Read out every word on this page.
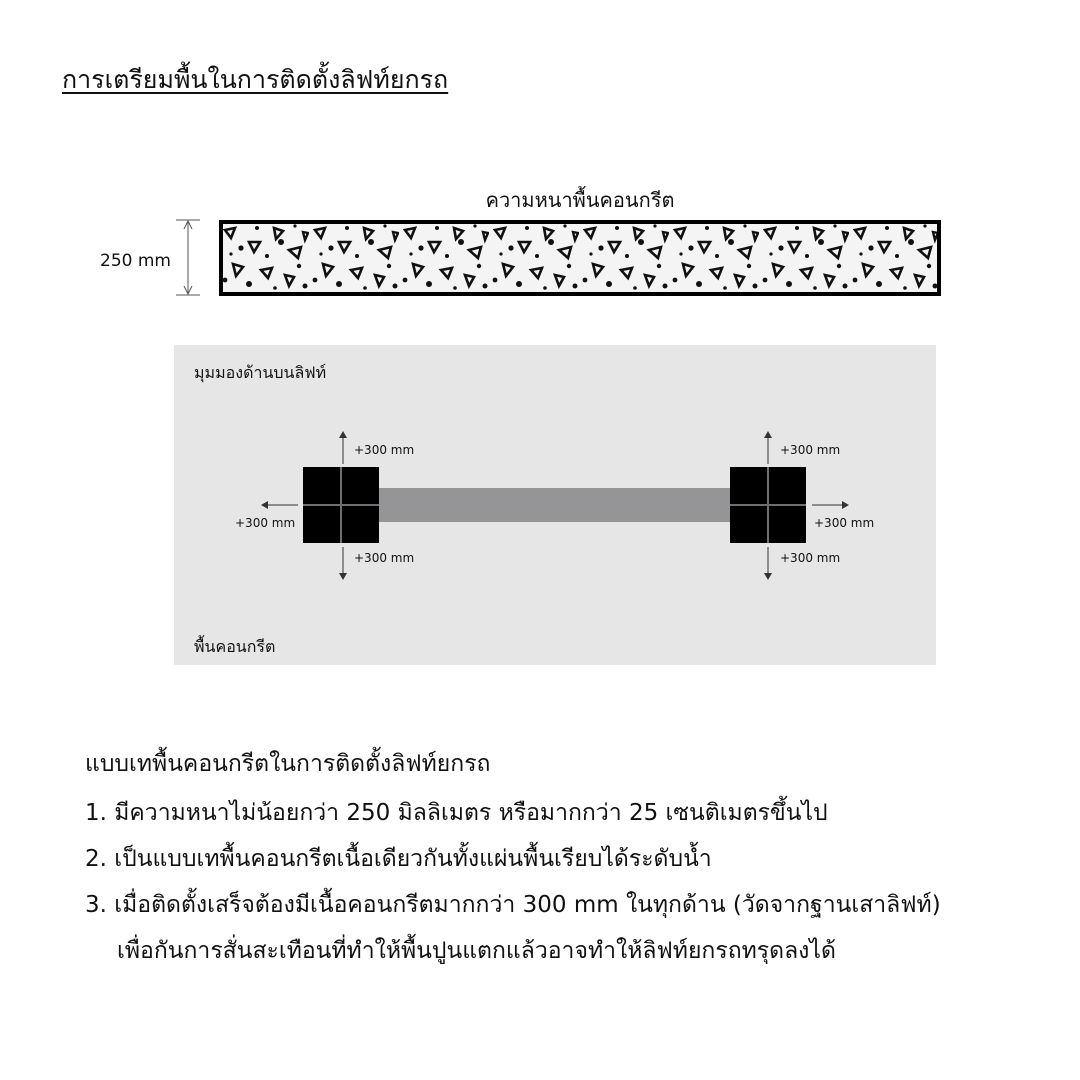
การเตรียมพื้นในการติดตั้งลิฟท์ยกรถ
ความหนาพื้นคอนกรีต
250 mm
มุมมองด้านบนลิฟท์
พื้นคอนกรีต
+300 mm
+300 mm
+300 mm
+300 mm
+300 mm
+300 mm
แบบเทพื้นคอนกรีตในการติดตั้งลิฟท์ยกรถ
1. มีความหนาไม่น้อยกว่า 250 มิลลิเมตร หรือมากกว่า 25 เซนติเมตรขึ้นไป
2. เป็นแบบเทพื้นคอนกรีตเนื้อเดียวกันทั้งแผ่นพื้นเรียบได้ระดับน้ำ
3. เมื่อติดตั้งเสร็จต้องมีเนื้อคอนกรีตมากกว่า 300 mm ในทุกด้าน (วัดจากฐานเสาลิฟท์)
เพื่อกันการสั่นสะเทือนที่ทำให้พื้นปูนแตกแล้วอาจทำให้ลิฟท์ยกรถทรุดลงได้
